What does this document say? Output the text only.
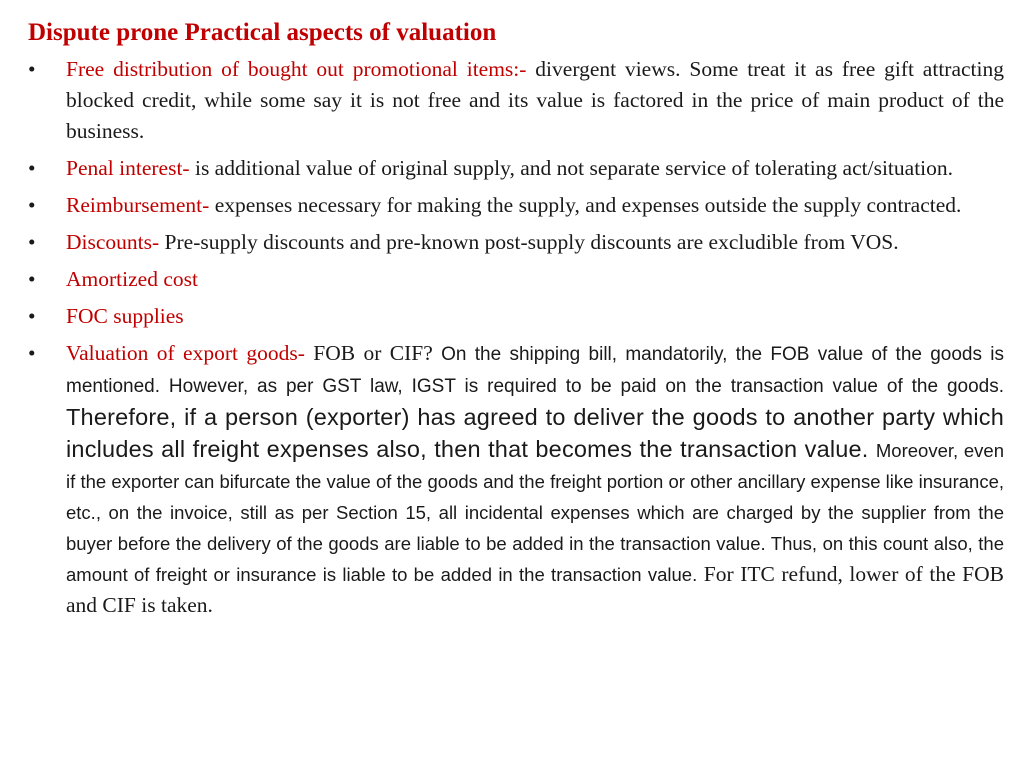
Dispute prone Practical aspects of valuation
•	Free distribution of bought out promotional items:- divergent views. Some treat it as free gift attracting blocked credit, while some say it is not free and its value is factored in the price of main product of the business.
•	Penal interest- is additional value of original supply, and not separate service of tolerating act/situation.
•	Reimbursement- expenses necessary for making the supply, and expenses outside the supply contracted.
•	Discounts- Pre-supply discounts and pre-known post-supply discounts are excludible from VOS.
•	Amortized cost
•	FOC supplies
•	Valuation of export goods- FOB or CIF? On the shipping bill, mandatorily, the FOB value of the goods is mentioned. However, as per GST law, IGST is required to be paid on the transaction value of the goods. Therefore, if a person (exporter) has agreed to deliver the goods to another party which includes all freight expenses also, then that becomes the transaction value. Moreover, even if the exporter can bifurcate the value of the goods and the freight portion or other ancillary expense like insurance, etc., on the invoice, still as per Section 15, all incidental expenses which are charged by the supplier from the buyer before the delivery of the goods are liable to be added in the transaction value. Thus, on this count also, the amount of freight or insurance is liable to be added in the transaction value. For ITC refund, lower of the FOB and CIF is taken.
